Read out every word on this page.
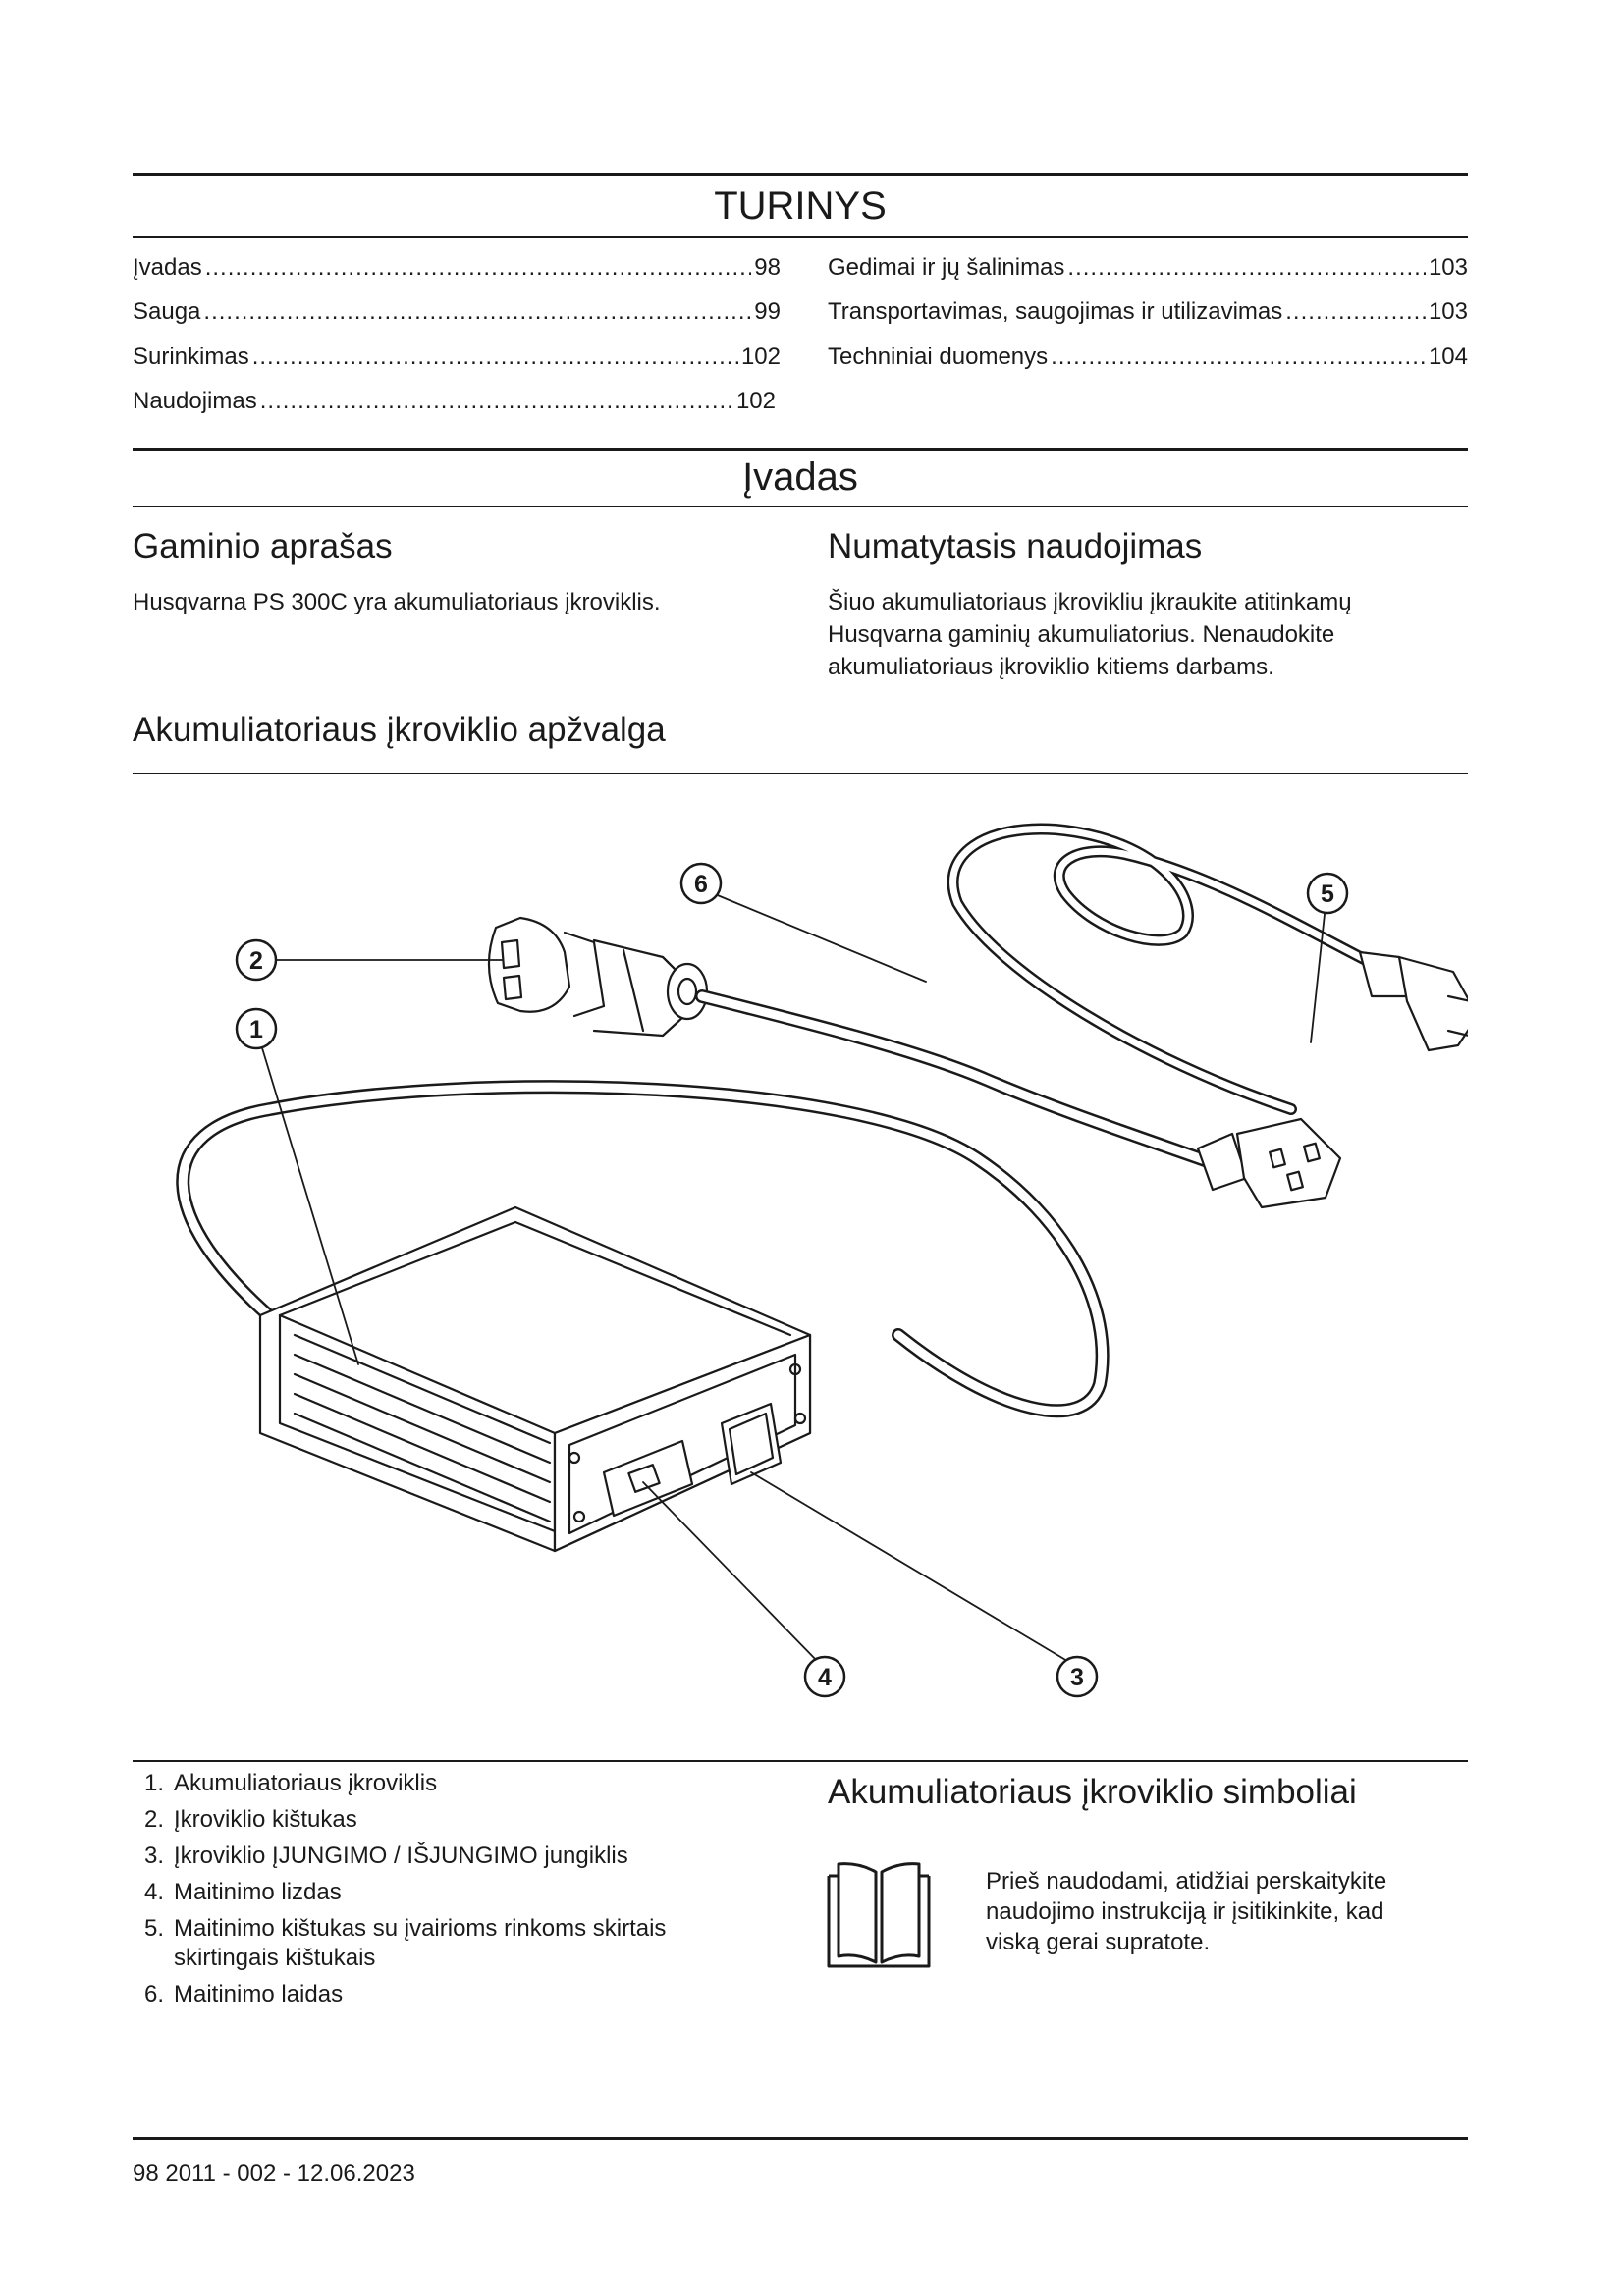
TURINYS
Įvadas .....	98
Sauga .....	99
Surinkimas .....	102
Naudojimas .....	102
Gedimai ir jų šalinimas .....	103
Transportavimas, saugojimas ir utilizavimas .....	103
Techniniai duomenys .....	104
Įvadas
Gaminio aprašas
Husqvarna PS 300C yra akumuliatoriaus įkroviklis.
Numatytasis naudojimas
Šiuo akumuliatoriaus įkrovikliu įkraukite atitinkamų
Husqvarna gaminių akumuliatorius. Nenaudokite
akumuliatoriaus įkroviklio kitiems darbams.
Akumuliatoriaus įkroviklio apžvalga
1
2
3
4
5
6
1. Akumuliatoriaus įkroviklis
2. Įkroviklio kištukas
3. Įkroviklio ĮJUNGIMO / IŠJUNGIMO jungiklis
4. Maitinimo lizdas
5. Maitinimo kištukas su įvairioms rinkoms skirtais skirtingais kištukais
6. Maitinimo laidas
Akumuliatoriaus įkroviklio simboliai
Prieš naudodami, atidžiai perskaitykite
naudojimo instrukciją ir įsitikinkite, kad
viską gerai supratote.
98 2011 - 002 - 12.06.2023
